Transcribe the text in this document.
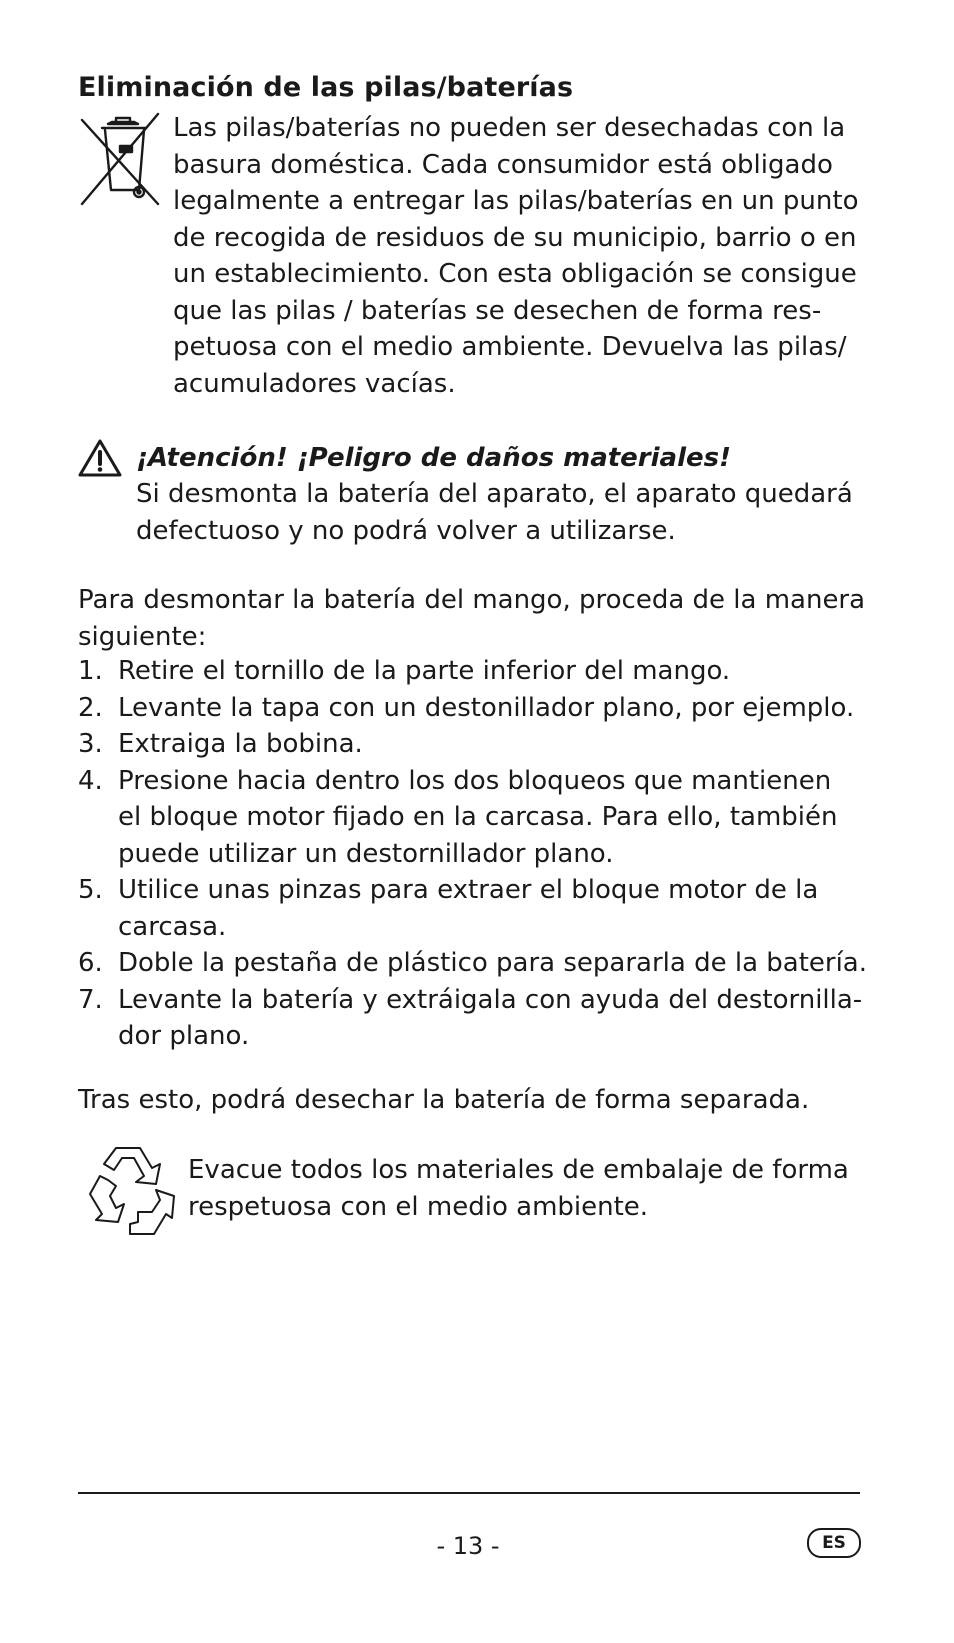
Eliminación de las pilas/baterías

Las pilas/baterías no pueden ser desechadas con la

basura doméstica. Cada consumidor está obligado

legalmente a entregar las pilas/baterías en un punto

de recogida de residuos de su municipio, barrio o en

un establecimiento. Con esta obligación se consigue

que las pilas / baterías se desechen de forma res-

petuosa con el medio ambiente. Devuelva las pilas/

acumuladores vacías.

¡Atención! ¡Peligro de daños materiales!

Si desmonta la batería del aparato, el aparato quedará

defectuoso y no podrá volver a utilizarse.

Para desmontar la batería del mango, proceda de la manera

siguiente:

1. Retire el tornillo de la parte inferior del mango.
2. Levante la tapa con un destonillador plano, por ejemplo.
3. Extraiga la bobina.
4. Presione hacia dentro los dos bloqueos que mantienen
el bloque motor fijado en la carcasa. Para ello, también
puede utilizar un destornillador plano.
5. Utilice unas pinzas para extraer el bloque motor de la
carcasa.
6. Doble la pestaña de plástico para separarla de la batería.
7. Levante la batería y extráigala con ayuda del destornilla-
dor plano.

Tras esto, podrá desechar la batería de forma separada.

Evacue todos los materiales de embalaje de forma

respetuosa con el medio ambiente.

- 13 -	ES
